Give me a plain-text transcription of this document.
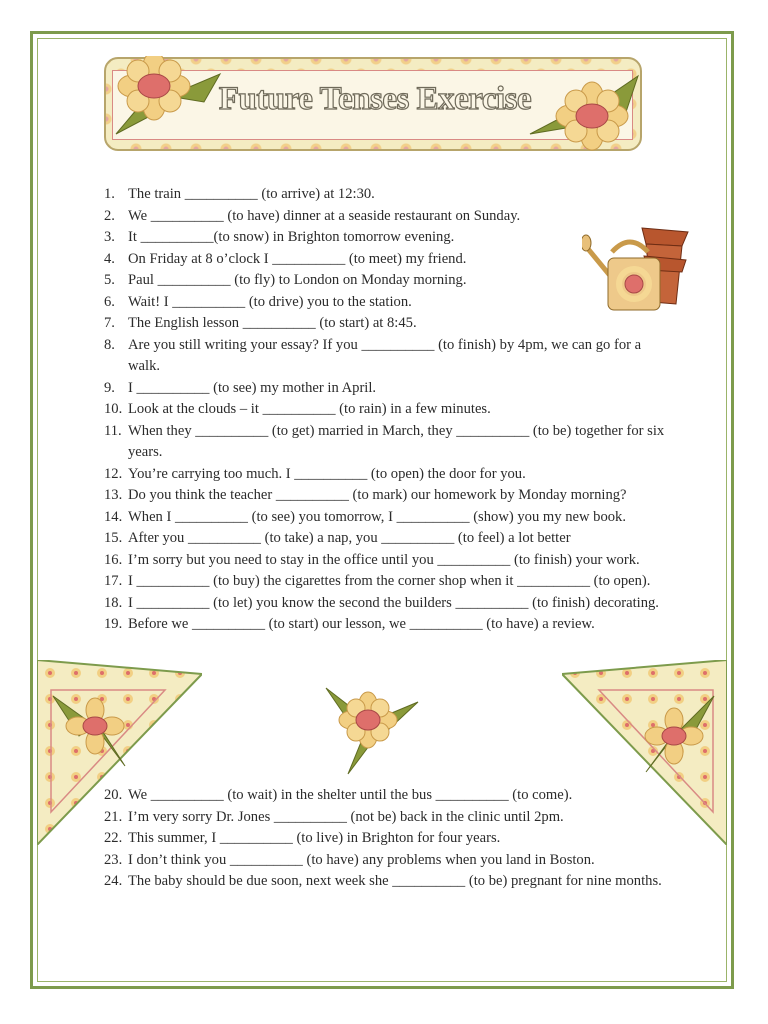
Future Tenses Exercise
1. The train __________ (to arrive) at 12:30.
2. We __________ (to have) dinner at a seaside restaurant on Sunday.
3. It __________(to snow) in Brighton tomorrow evening.
4. On Friday at 8 o’clock I __________ (to meet) my friend.
5. Paul __________ (to fly) to London on Monday morning.
6. Wait! I __________ (to drive) you to the station.
7. The English lesson __________ (to start) at 8:45.
8. Are you still writing your essay? If you __________ (to finish) by 4pm, we can go for a walk.
9. I __________ (to see) my mother in April.
10. Look at the clouds – it __________ (to rain) in a few minutes.
11. When they __________ (to get) married in March, they __________ (to be) together for six years.
12. You’re carrying too much. I __________ (to open) the door for you.
13. Do you think the teacher __________ (to mark) our homework by Monday morning?
14. When I __________ (to see) you tomorrow, I __________ (show) you my new book.
15. After you __________ (to take) a nap, you __________ (to feel) a lot better
16. I’m sorry but you need to stay in the office until you __________ (to finish) your work.
17. I __________ (to buy) the cigarettes from the corner shop when it __________ (to open).
18. I __________ (to let) you know the second the builders __________ (to finish) decorating.
19. Before we __________ (to start) our lesson, we __________ (to have) a review.
20. We __________ (to wait) in the shelter until the bus __________ (to come).
21. I’m very sorry Dr. Jones __________ (not be) back in the clinic until 2pm.
22. This summer, I __________ (to live) in Brighton for four years.
23. I don’t think you __________ (to have) any problems when you land in Boston.
24. The baby should be due soon, next week she __________ (to be) pregnant for nine months.
